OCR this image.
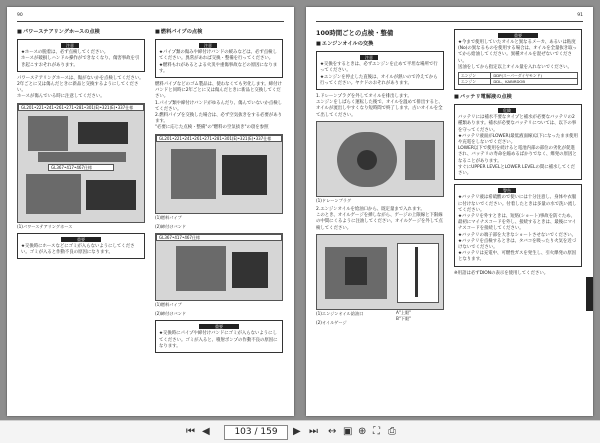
90
■ パワーステアリングホースの点検
注意
★ホースの脱着は、必ず点検してください。
ホースが破損しハンドル操作ができなくなり、傷害事故を引き起こすおそれがあります。
パワーステアリングホースは、傷がないかを点検してください。2年ごとに又は傷んだときに新品と交換するようにしてください。
ホースが傷んでいる時に注意してください。
GL201•221•241•261•271•281•301(E)•321(E)•337仕様
GL367•417•467仕様
(1)パワーステアリングホース
重要
★交換時にホースなどにゴミが入らないようにしてください。ゴミが入ると作動不良の原因になります。
■ 燃料パイプの点検
注意
★パイプ類の傷みや締付けバンドの緩みなどは、必ず点検してください。異常があれば交換・整備を行ってください。
★燃料もれがあるとよる火災や重傷事故などの原因になります。
燃料パイプなどのゴム製品は、使わなくても劣化します。締付けバンドと同時に2年ごとに又は傷んだときに新品と交換してください。
1.パイプ類や締付けバンドがゆるんだり、傷んでいないか点検してください。
2.燃料パイプを交換した場合は、必ず空気抜きをする必要があります。
"必要に応じた点検・整備"の"燃料の空気抜き"の項を参照
GL201•221•241•261•271•281•301(E)•321(E)•337仕様
(1)燃料パイプ
(2)締付けバンド
GL367•417•467仕様
(1)燃料パイプ
(2)締付けバンド
重要
★交換時にパイプや締付けバンドにゴミが入らないようにしてください。ゴミが入ると、噴射ポンプの作動不良の原因になります。
91
100時間ごとの点検・整備
■ エンジンオイルの交換
注意
★交換をするときは、必ずエンジンを止めて平坦な場所で行ってください。
★エンジンを停止した直後は、オイルが熱いので冷えてから行ってください。ヤケドのおそれがあります。
1.ドレーンプラグを外してオイルを排出します。
エンジンをしばらく運転した後で、オイルを温めて排出すると、オイルが流出しやすくなり短時間で終了します。古いオイルを全て出してください。
(1)ドレーンプラグ
2.エンジンオイルを給油口から、既定量まで入れます。
このとき、オイルゲージを挿しながら、ゲージの上限線と下限線の中間にくるように注油してください。オイルゲージを外して点検してください。
(1)エンジンオイル給油口
(2)オイルゲージ
A"上限"
B"下限"
重要
★今まで使用していたオイルと異なるメーカ、あるいは粘度(No)の異なるものを使用する場合は、オイルを全量抜き取ってから給油してください。異種オイルを混ぜないでください。
送油をしてから指定以上オイル量を入れないでください。
エンジン	DDP(スーパーダイヤモンド)
エンジン	DDL、KABIRDOB
■ バッテリ電解液の点検
危険
バッテリには補水不要なタイプと補水が必要なバッテリの2種類あります。補水が必要なバッテリについては、以下の事を守ってください。
★バッテリ液面がLOWER(最低液面線)以下になったまま使用や充電をしないでください。
LOWER以下で使用を続けると電池内部の部位の劣化が促進され、バッテリの寿命を縮めるばかりでなく、爆発の原因となることがあります。
すぐにUPPER LEVELとLOWER LEVELの間に補水してください。
警告
★バッテリ液は希硫酸ので使いには十分注意し、身体や衣服に付けないでください。付着したときは多量の水で洗い流してください。
★バッテリを外すときは、短絡(ショート)事故を防ぐため、最初にマイナスコードを外し、接続するときは、最後にマイナスコードを接続してください。
★バッテリの端子部を大きなショートさせないでください。
★バッテリを点検するときは、タバコを吸ったり火気を近づけないでください。
★バッテリは充電中、可燃性ガスを発生し、引火爆発の原因となります。
※用語は必ずDIONの表示を使用してください。
⏮ ◀	103 / 159	▶ ⏭ ↔ ▣ ⊕ ⛶ ⎙
